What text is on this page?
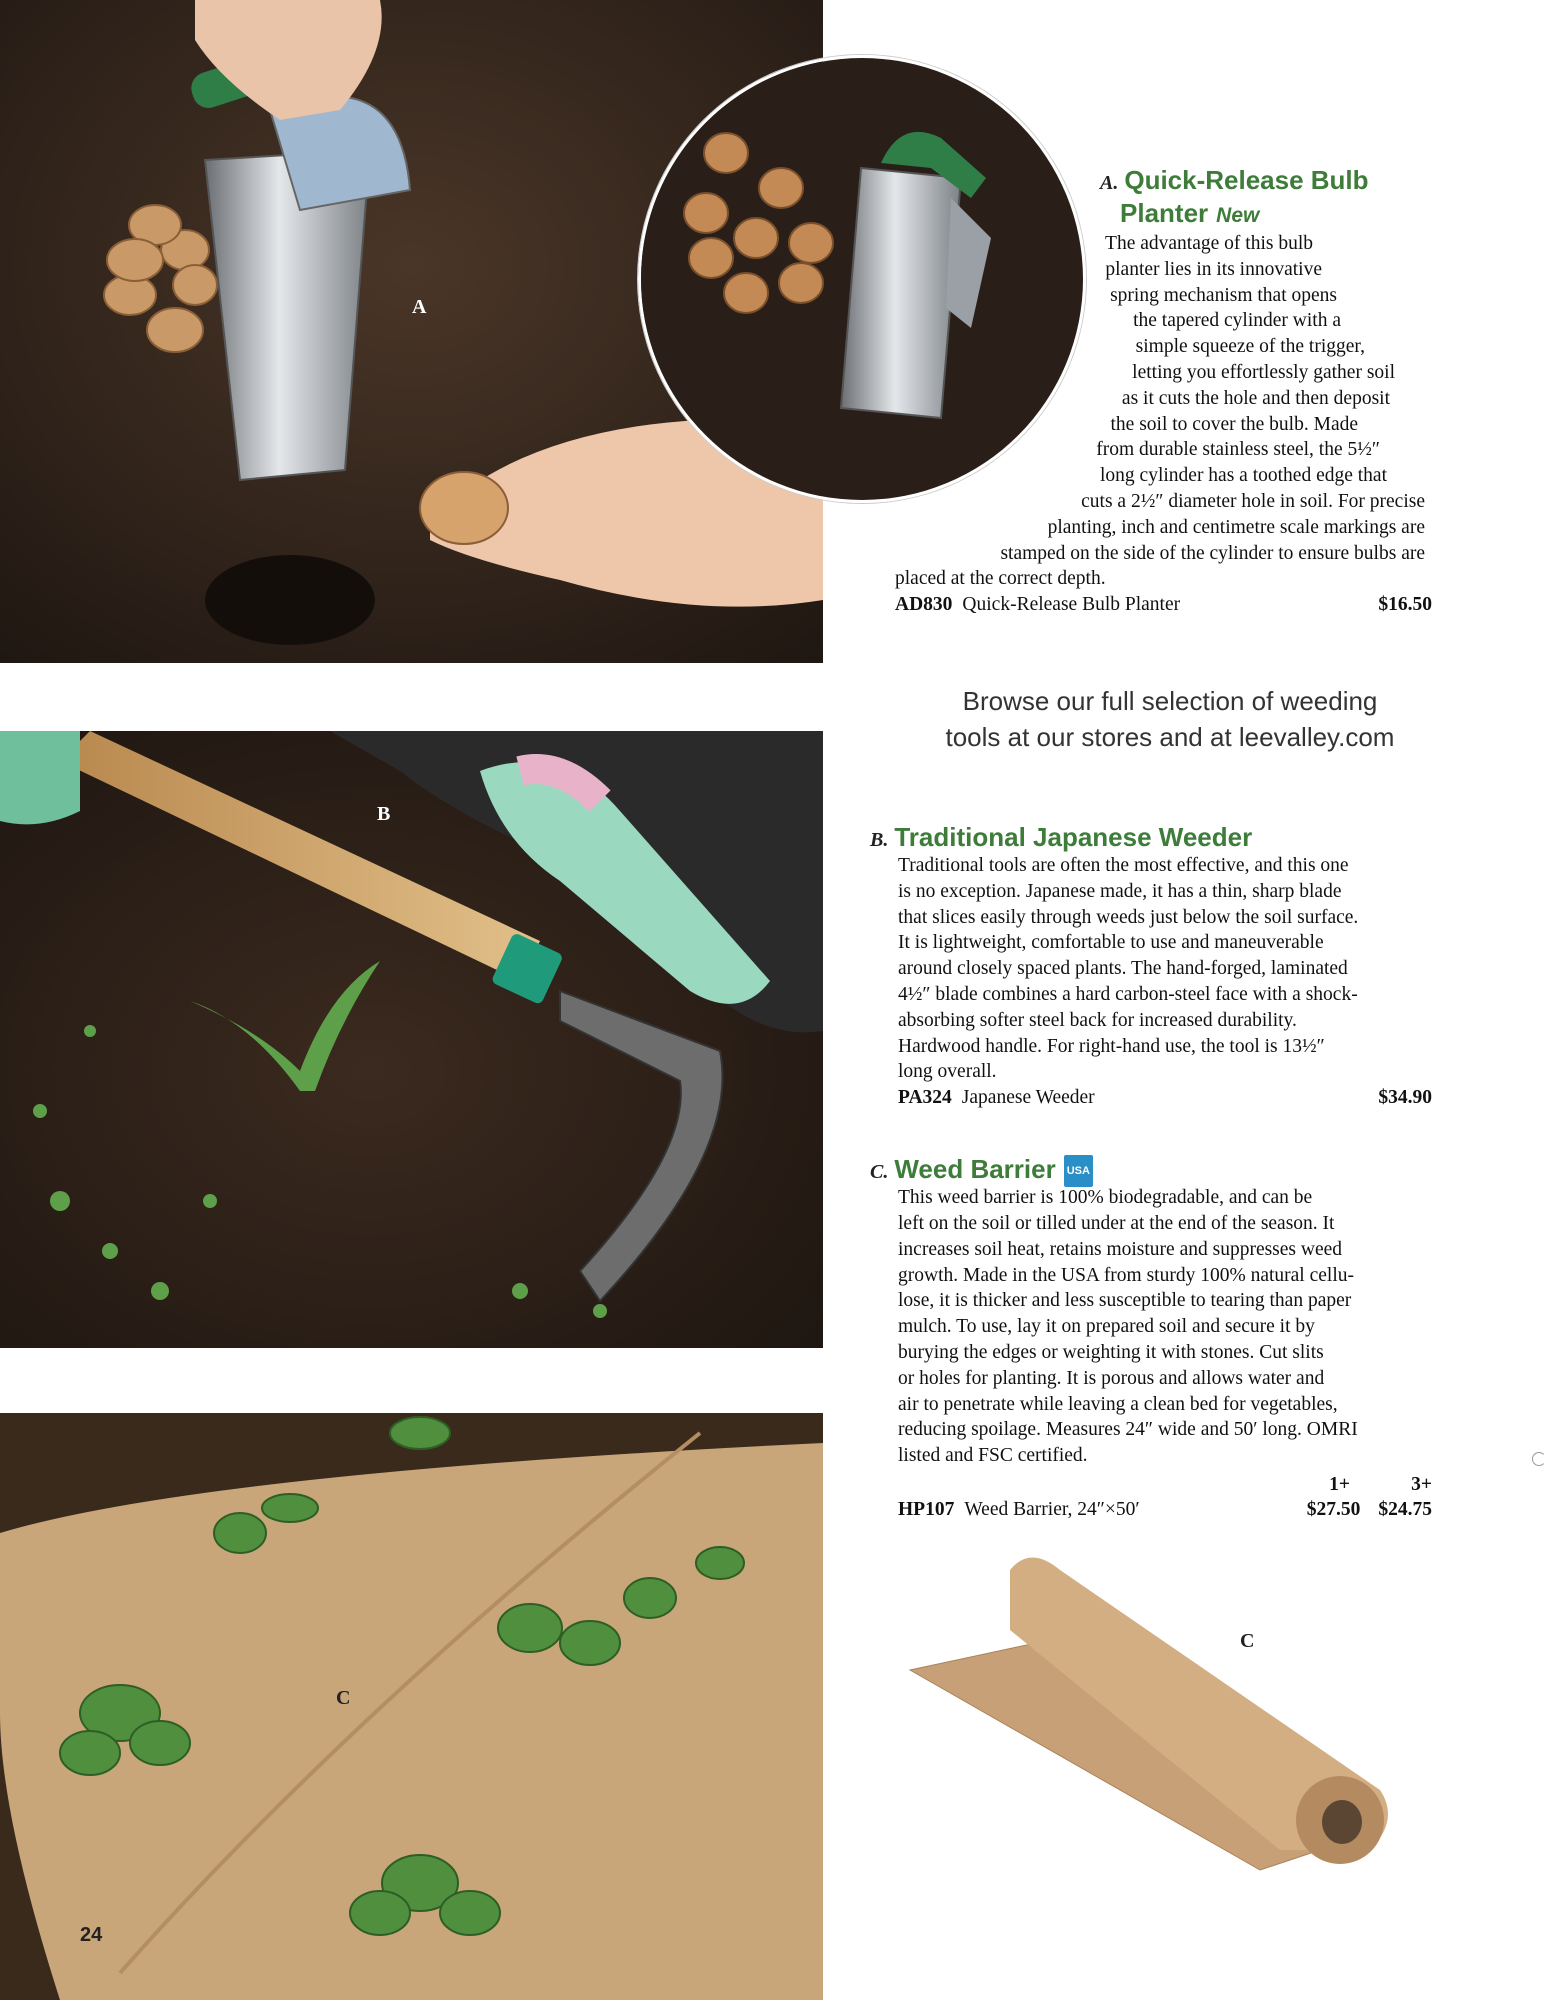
A
A. Quick-Release Bulb
Planter New
The advantage of this bulb
planter lies in its innovative
spring mechanism that opens
the tapered cylinder with a
simple squeeze of the trigger,
letting you effortlessly gather soil
as it cuts the hole and then deposit
the soil to cover the bulb. Made
from durable stainless steel, the 5½″
long cylinder has a toothed edge that
cuts a 2½″ diameter hole in soil. For precise
planting, inch and centimetre scale markings are
stamped on the side of the cylinder to ensure bulbs are
placed at the correct depth.
AD830 Quick-Release Bulb Planter	$16.50
Browse our full selection of weeding
tools at our stores and at leevalley.com
B
B. Traditional Japanese Weeder
Traditional tools are often the most effective, and this one
is no exception. Japanese made, it has a thin, sharp blade
that slices easily through weeds just below the soil surface.
It is lightweight, comfortable to use and maneuverable
around closely spaced plants. The hand-forged, laminated
4½″ blade combines a hard carbon-steel face with a shock-
absorbing softer steel back for increased durability.
Hardwood handle. For right-hand use, the tool is 13½″
long overall.
PA324 Japanese Weeder	$34.90
C. Weed Barrier USA
This weed barrier is 100% biodegradable, and can be
left on the soil or tilled under at the end of the season. It
increases soil heat, retains moisture and suppresses weed
growth. Made in the USA from sturdy 100% natural cellu-
lose, it is thicker and less susceptible to tearing than paper
mulch. To use, lay it on prepared soil and secure it by
burying the edges or weighting it with stones. Cut slits
or holes for planting. It is porous and allows water and
air to penetrate while leaving a clean bed for vegetables,
reducing spoilage. Measures 24″ wide and 50′ long. OMRI
listed and FSC certified.
1+	3+
HP107 Weed Barrier, 24″×50′	$27.50 $24.75
C
C
24
